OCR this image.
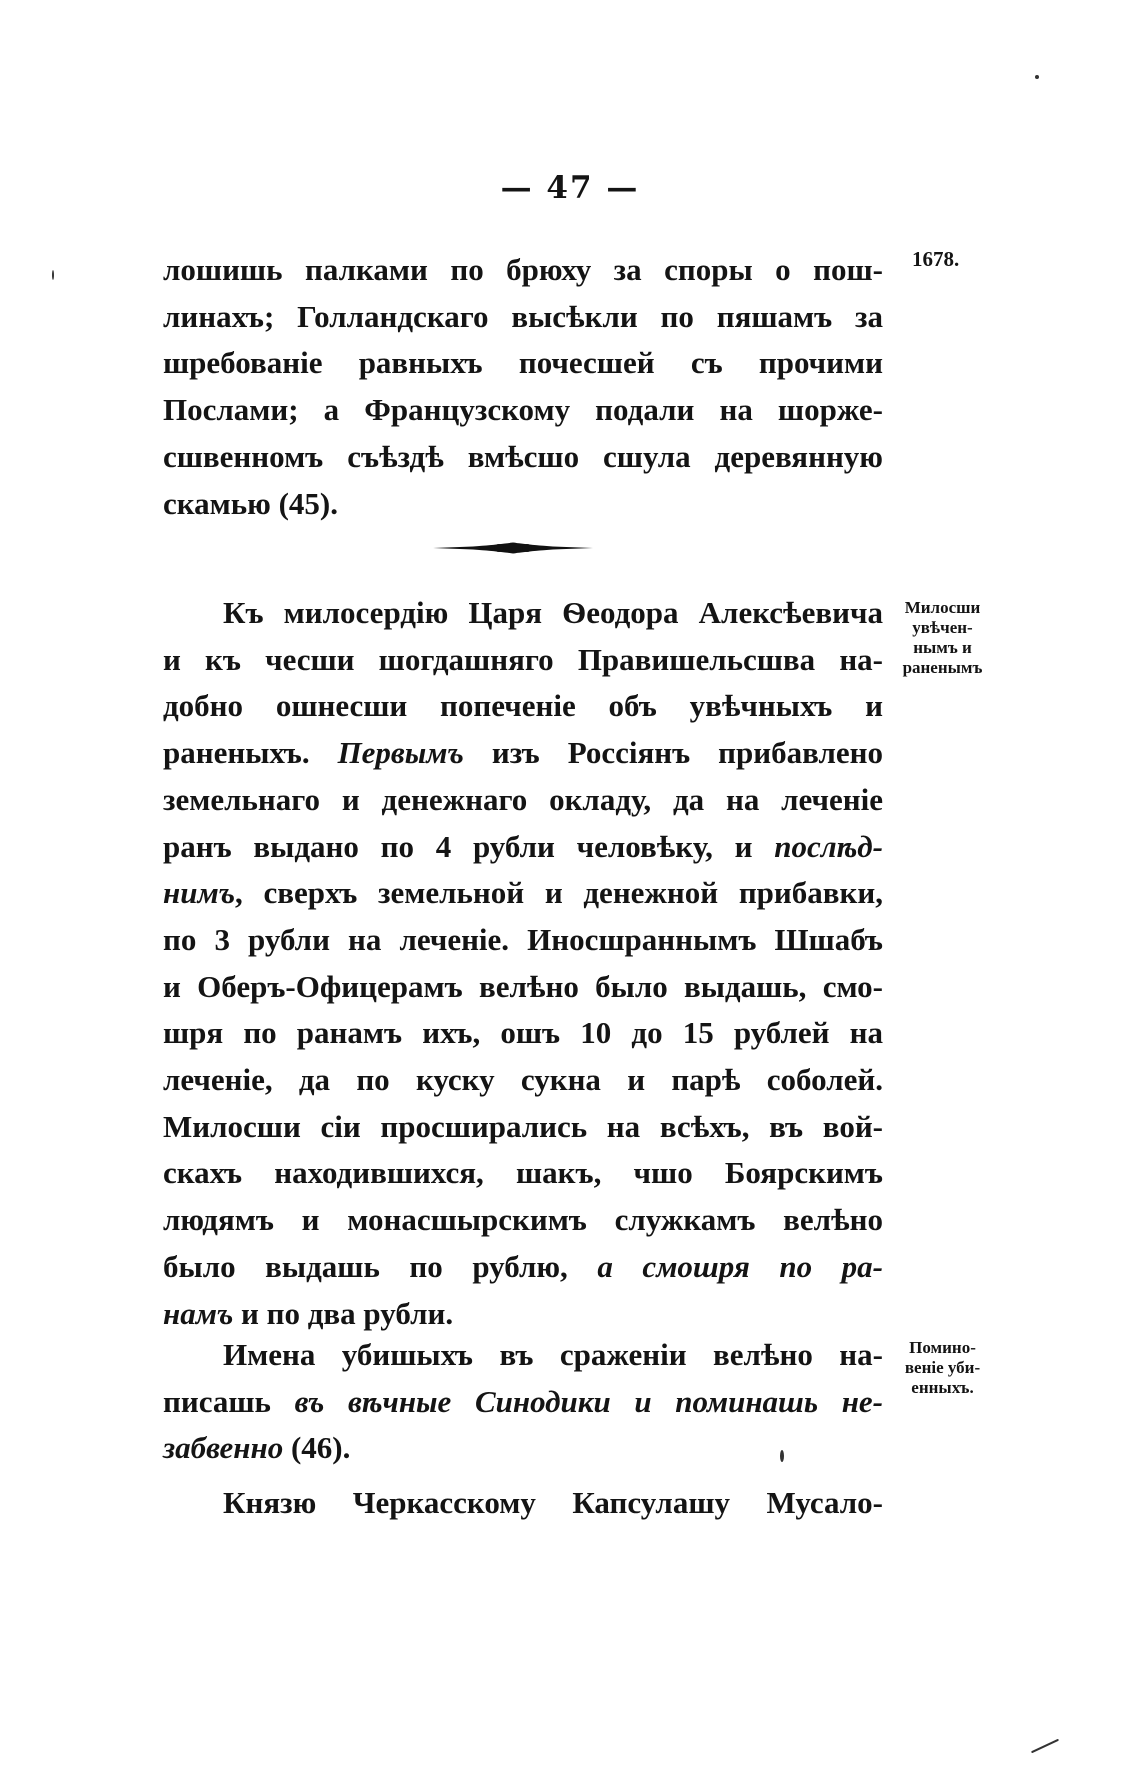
— 47 —
1678.
лошишь палками по брюху за споры о пош-
линахъ; Голландскаго высѣкли по пяшамъ за
шребованіе равныхъ почесшей съ прочими
Послами; а Французскому подали на шорже-
сшвенномъ съѣздѣ вмѣсшо сшула деревянную
скамью (45).
Къ милосердію Царя Ѳеодора Алексѣевича
и къ чесши шогдашняго Правишельсшва на-
добно ошнесши попеченіе объ увѣчныхъ и
раненыхъ. Первымъ изъ Россіянъ прибавлено
земельнаго и денежнаго окладу, да на леченіе
ранъ выдано по 4 рубли человѣку, и послѣд-
нимъ, сверхъ земельной и денежной прибавки,
по 3 рубли на леченіе. Иносшраннымъ Шшабъ
и Оберъ-Офицерамъ велѣно было выдашь, смо-
шря по ранамъ ихъ, ошъ 10 до 15 рублей на
леченіе, да по куску сукна и парѣ соболей.
Милосши сіи просширались на всѣхъ, въ вой-
скахъ находившихся, шакъ, чшо Боярскимъ
людямъ и монасшырскимъ служкамъ велѣно
было выдашь по рублю, а смошря по ра-
намъ и по два рубли.
Милосши
увѣчен-
нымъ и
раненымъ
Имена убишыхъ въ сраженіи велѣно на-
писашь въ вѣчные Синодики и поминашь не-
забвенно (46).
Поминo-
веніе уби-
енныхъ.
Князю Черкасскому Капсулашу Мусало-
